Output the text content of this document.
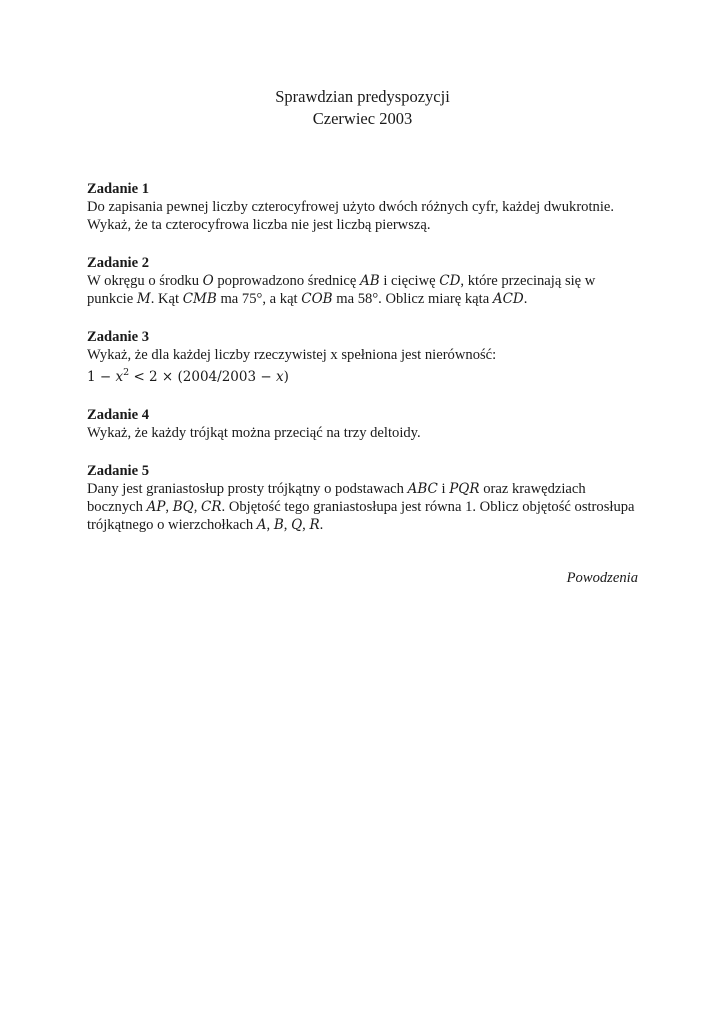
Sprawdzian predyspozycji
Czerwiec 2003
Zadanie 1
Do zapisania pewnej liczby czterocyfrowej użyto dwóch różnych cyfr, każdej dwukrotnie.
Wykaż, że ta czterocyfrowa liczba nie jest liczbą pierwszą.
Zadanie 2
W okręgu o środku O poprowadzono średnicę AB i cięciwę CD, które przecinają się w
punkcie M. Kąt CMB ma 75°, a kąt COB ma 58°. Oblicz miarę kąta ACD.
Zadanie 3
Wykaż, że dla każdej liczby rzeczywistej x spełniona jest nierówność:
$1 - x^2 < 2 \times (2004/2003 - x)$
Zadanie 4
Wykaż, że każdy trójkąt można przeciąć na trzy deltoidy.
Zadanie 5
Dany jest graniastosłup prosty trójkątny o podstawach ABC i PQR oraz krawędziach
bocznych AP, BQ, CR. Objętość tego graniastosłupa jest równa 1. Oblicz objętość ostrosłupa
trójkątnego o wierzchołkach A, B, Q, R.
Powodzenia
